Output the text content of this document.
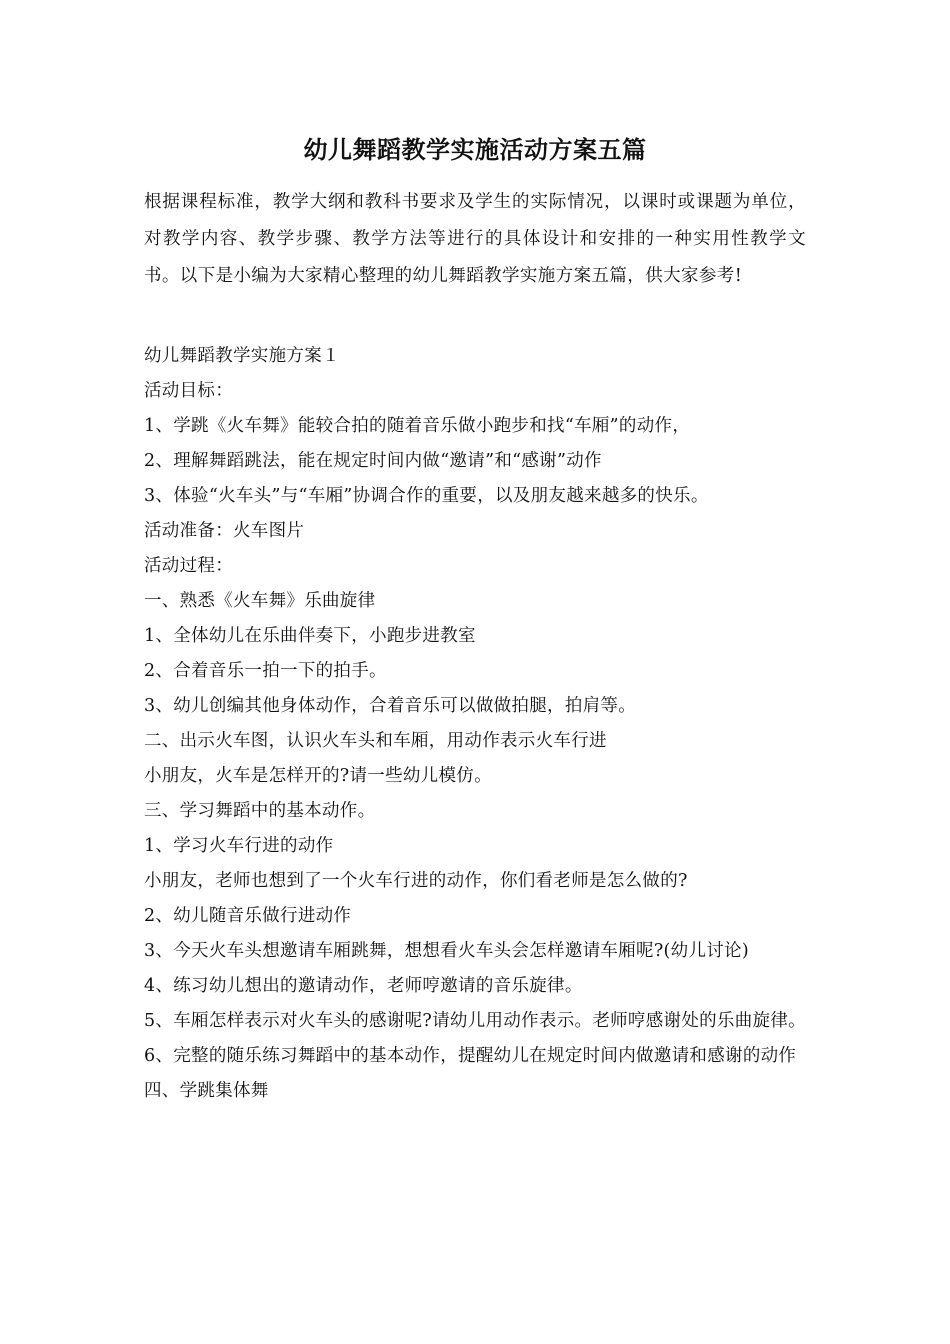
幼儿舞蹈教学实施活动方案五篇

根据课程标准，教学大纲和教科书要求及学生的实际情况，以课时或课题为单位，对教学内容、教学步骤、教学方法等进行的具体设计和安排的一种实用性教学文书。以下是小编为大家精心整理的幼儿舞蹈教学实施方案五篇，供大家参考!

幼儿舞蹈教学实施方案１

活动目标：

1、学跳《火车舞》能较合拍的随着音乐做小跑步和找“车厢”的动作，

2、理解舞蹈跳法，能在规定时间内做“邀请”和“感谢”动作

3、体验“火车头”与“车厢”协调合作的重要，以及朋友越来越多的快乐。

活动准备：火车图片

活动过程：

一、熟悉《火车舞》乐曲旋律

1、全体幼儿在乐曲伴奏下，小跑步进教室

2、合着音乐一拍一下的拍手。

3、幼儿创编其他身体动作，合着音乐可以做做拍腿，拍肩等。

二、出示火车图，认识火车头和车厢，用动作表示火车行进

小朋友，火车是怎样开的?请一些幼儿模仿。

三、学习舞蹈中的基本动作。

1、学习火车行进的动作

小朋友，老师也想到了一个火车行进的动作，你们看老师是怎么做的?

2、幼儿随音乐做行进动作

3、今天火车头想邀请车厢跳舞，想想看火车头会怎样邀请车厢呢?(幼儿讨论)

4、练习幼儿想出的邀请动作，老师哼邀请的音乐旋律。

5、车厢怎样表示对火车头的感谢呢?请幼儿用动作表示。老师哼感谢处的乐曲旋律。

6、完整的随乐练习舞蹈中的基本动作，提醒幼儿在规定时间内做邀请和感谢的动作

四、学跳集体舞
